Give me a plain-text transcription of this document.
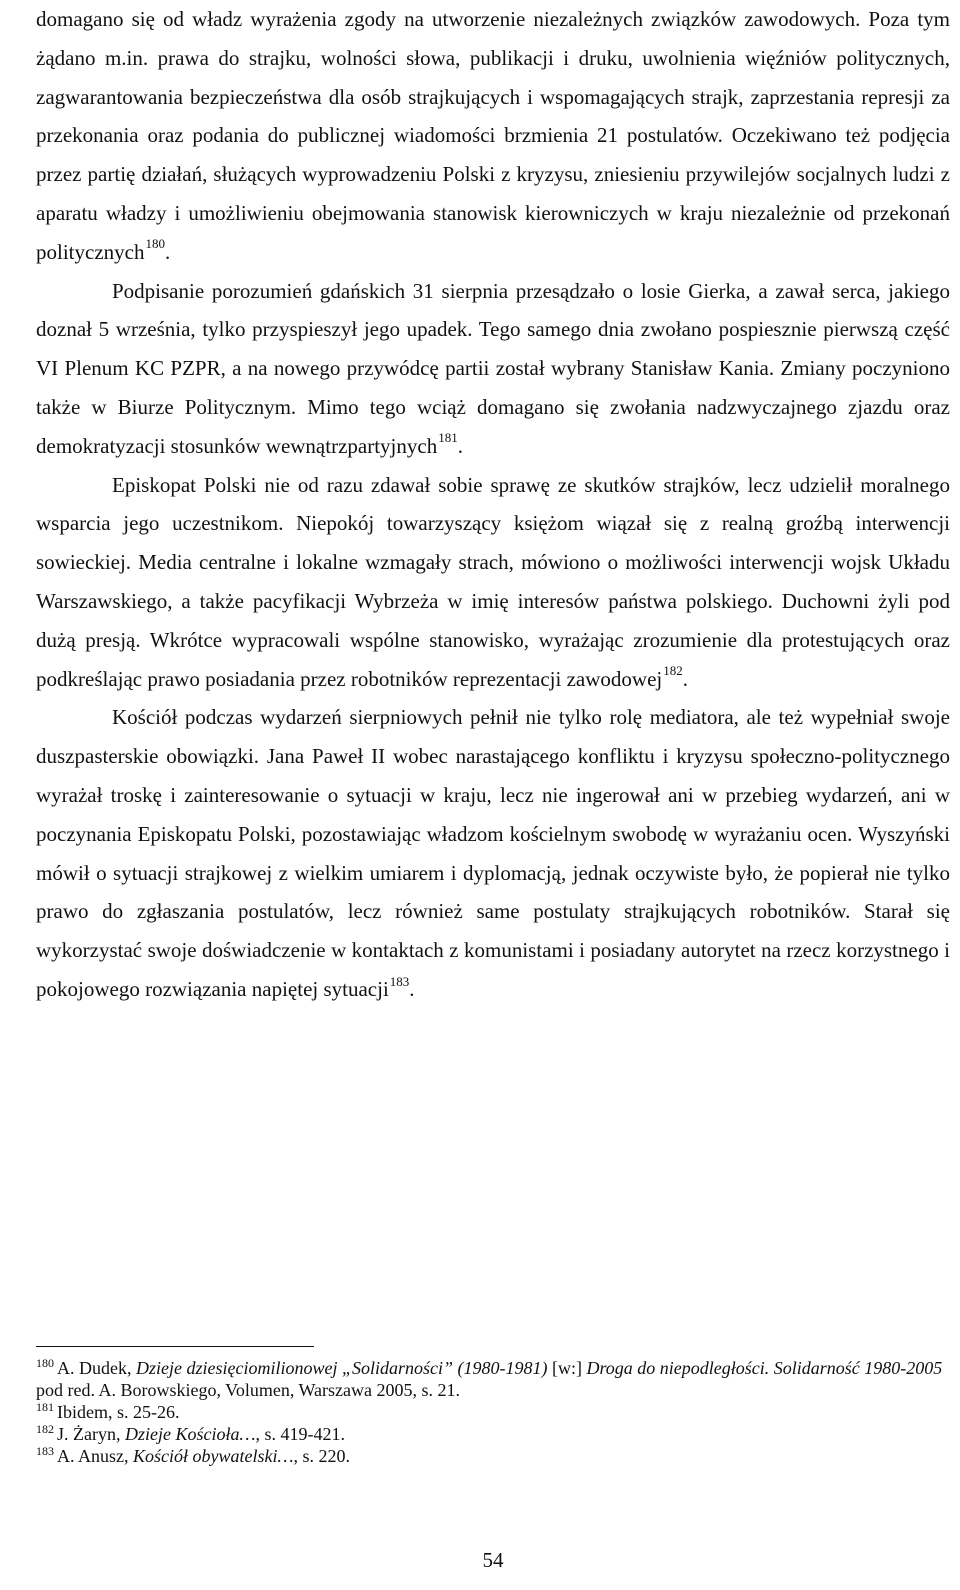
domagano się od władz wyrażenia zgody na utworzenie niezależnych związków zawodowych. Poza tym żądano m.in. prawa do strajku, wolności słowa, publikacji i druku, uwolnienia więźniów politycznych, zagwarantowania bezpieczeństwa dla osób strajkujących i wspomagających strajk, zaprzestania represji za przekonania oraz podania do publicznej wiadomości brzmienia 21 postulatów. Oczekiwano też podjęcia przez partię działań, służących wyprowadzeniu Polski z kryzysu, zniesieniu przywilejów socjalnych ludzi z aparatu władzy i umożliwieniu obejmowania stanowisk kierowniczych w kraju niezależnie od przekonań politycznych$^{180}$.

Podpisanie porozumień gdańskich 31 sierpnia przesądzało o losie Gierka, a zawał serca, jakiego doznał 5 września, tylko przyspieszył jego upadek. Tego samego dnia zwołano pospiesznie pierwszą część VI Plenum KC PZPR, a na nowego przywódcę partii został wybrany Stanisław Kania. Zmiany poczyniono także w Biurze Politycznym. Mimo tego wciąż domagano się zwołania nadzwyczajnego zjazdu oraz demokratyzacji stosunków wewnątrzpartyjnych$^{181}$.

Episkopat Polski nie od razu zdawał sobie sprawę ze skutków strajków, lecz udzielił moralnego wsparcia jego uczestnikom. Niepokój towarzyszący księżom wiązał się z realną groźbą interwencji sowieckiej. Media centralne i lokalne wzmagały strach, mówiono o możliwości interwencji wojsk Układu Warszawskiego, a także pacyfikacji Wybrzeża w imię interesów państwa polskiego. Duchowni żyli pod dużą presją. Wkrótce wypracowali wspólne stanowisko, wyrażając zrozumienie dla protestujących oraz podkreślając prawo posiadania przez robotników reprezentacji zawodowej$^{182}$.

Kościół podczas wydarzeń sierpniowych pełnił nie tylko rolę mediatora, ale też wypełniał swoje duszpasterskie obowiązki. Jana Paweł II wobec narastającego konfliktu i kryzysu społeczno-politycznego wyrażał troskę i zainteresowanie o sytuacji w kraju, lecz nie ingerował ani w przebieg wydarzeń, ani w poczynania Episkopatu Polski, pozostawiając władzom kościelnym swobodę w wyrażaniu ocen. Wyszyński mówił o sytuacji strajkowej z wielkim umiarem i dyplomacją, jednak oczywiste było, że popierał nie tylko prawo do zgłaszania postulatów, lecz również same postulaty strajkujących robotników. Starał się wykorzystać swoje doświadczenie w kontaktach z komunistami i posiadany autorytet na rzecz korzystnego i pokojowego rozwiązania napiętej sytuacji$^{183}$.

$^{180}$ A. Dudek, Dzieje dziesięciomilionowej „Solidarności” (1980-1981) [w:] Droga do niepodległości. Solidarność 1980-2005 pod red. A. Borowskiego, Volumen, Warszawa 2005, s. 21.

$^{181}$ Ibidem, s. 25-26.

$^{182}$ J. Żaryn, Dzieje Kościoła…, s. 419-421.

$^{183}$ A. Anusz, Kościół obywatelski…, s. 220.

54
